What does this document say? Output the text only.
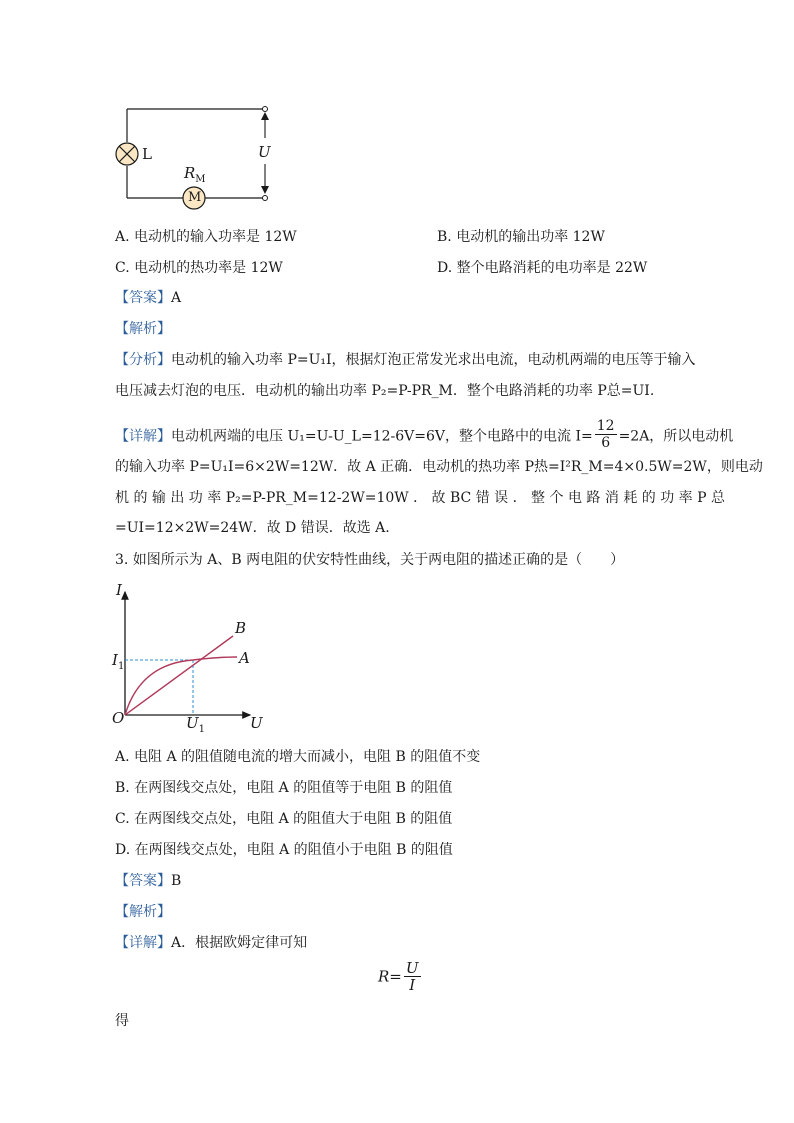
L
M
$R_M$
U
A. 电动机的输入功率是 12W	B. 电动机的输出功率 12W
C. 电动机的热功率是 12W	D. 整个电路消耗的电功率是 22W
【答案】A
【解析】
【分析】电动机的输入功率 P=U₁I，根据灯泡正常发光求出电流，电动机两端的电压等于输入
电压减去灯泡的电压．电动机的输出功率 P₂=P-PR_M．整个电路消耗的功率 P总=UI.
【详解】电动机两端的电压 U₁=U-U_L=12-6V=6V，整个电路中的电流 $I= \frac{12}{6} =2A$，所以电动机
的输入功率 P=U₁I=6×2W=12W．故 A 正确．电动机的热功率 P热=I²R_M=4×0.5W=2W，则电动
机 的 输 出 功 率 P₂=P-PR_M=12-2W=10W ． 故 BC 错 误 ． 整 个 电 路 消 耗 的 功 率 P 总
=UI=12×2W=24W．故 D 错误．故选 A.
3. 如图所示为 A、B 两电阻的伏安特性曲线，关于两电阻的描述正确的是（　　）
I
U
O
$I_1$
$U_1$
A
B
A. 电阻 A 的阻值随电流的增大而减小，电阻 B 的阻值不变
B. 在两图线交点处，电阻 A 的阻值等于电阻 B 的阻值
C. 在两图线交点处，电阻 A 的阻值大于电阻 B 的阻值
D. 在两图线交点处，电阻 A 的阻值小于电阻 B 的阻值
【答案】B
【解析】
【详解】A．根据欧姆定律可知
$R= \frac{U}{I}$
得
